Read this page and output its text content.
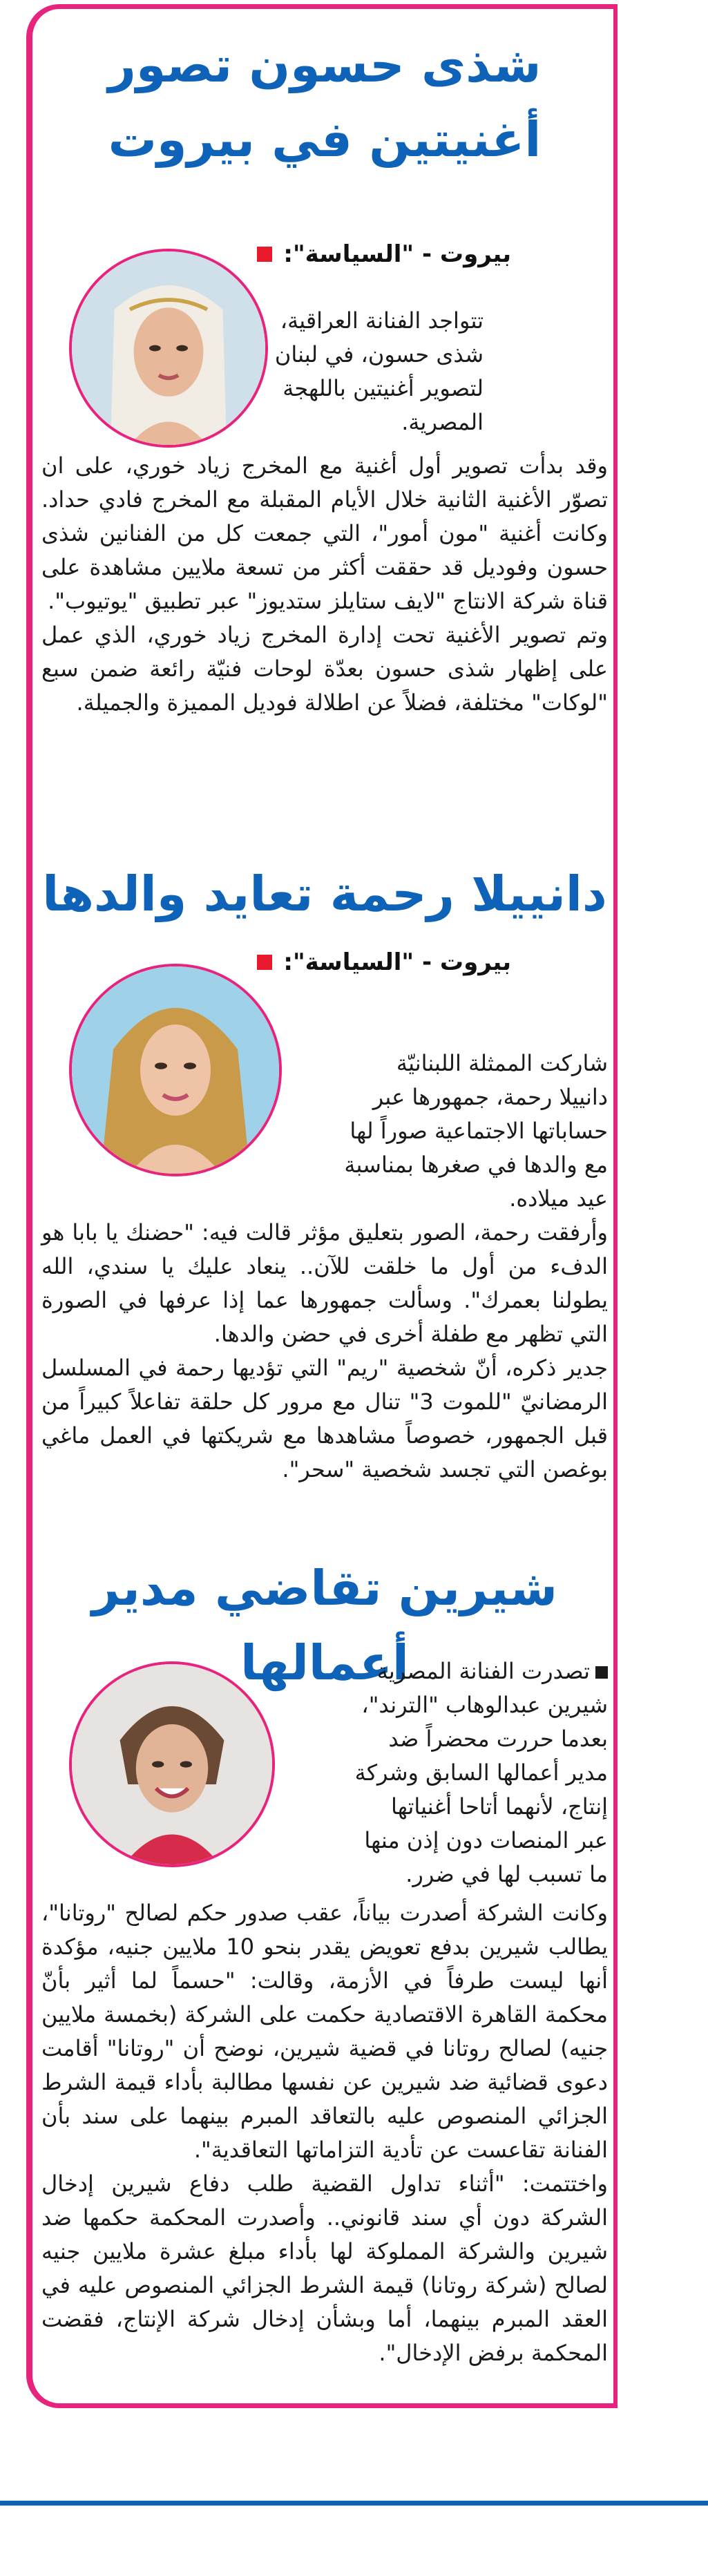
شذى حسون تصور
أغنيتين في بيروت
بيروت - "السياسة":

تتواجد الفنانة العراقية،

شذى حسون، في لبنان

لتصوير أغنيتين باللهجة

المصرية.

وقد بدأت تصوير أول أغنية مع المخرج زياد خوري، على ان تصوّر الأغنية الثانية خلال الأيام المقبلة مع المخرج فادي حداد. وكانت أغنية "مون أمور"، التي جمعت كل من الفنانين شذى حسون وفوديل قد حققت أكثر من تسعة ملايين مشاهدة على قناة شركة الانتاج "لايف ستايلز ستديوز" عبر تطبيق "يوتيوب".

وتم تصوير الأغنية تحت إدارة المخرج زياد خوري، الذي عمل على إظهار شذى حسون بعدّة لوحات فنيّة رائعة ضمن سبع "لوكات" مختلفة، فضلاً عن اطلالة فوديل المميزة والجميلة.

دانييلا رحمة تعايد والدها
بيروت - "السياسة":

شاركت الممثلة اللبنانيّة

دانييلا رحمة، جمهورها عبر

حساباتها الاجتماعية صوراً لها

مع والدها في صغرها بمناسبة

عيد ميلاده.

وأرفقت رحمة، الصور بتعليق مؤثر قالت فيه: "حضنك يا بابا هو الدفء من أول ما خلقت للآن.. ينعاد عليك يا سندي، الله يطولنا بعمرك". وسألت جمهورها عما إذا عرفها في الصورة التي تظهر مع طفلة أخرى في حضن والدها.

جدير ذكره، أنّ شخصية "ريم" التي تؤديها رحمة في المسلسل الرمضانيّ "للموت 3" تنال مع مرور كل حلقة تفاعلاً كبيراً من قبل الجمهور، خصوصاً مشاهدها مع شريكتها في العمل ماغي بوغصن التي تجسد شخصية "سحر".

شيرين تقاضي مدير أعمالها

تصدرت الفنانة المصرية

شيرين عبدالوهاب "الترند"،

بعدما حررت محضراً ضد

مدير أعمالها السابق وشركة

إنتاج، لأنهما أتاحا أغنياتها

عبر المنصات دون إذن منها

ما تسبب لها في ضرر.

وكانت الشركة أصدرت بياناً، عقب صدور حكم لصالح "روتانا"، يطالب شيرين بدفع تعويض يقدر بنحو 10 ملايين جنيه، مؤكدة أنها ليست طرفاً في الأزمة، وقالت: "حسماً لما أثير بأنّ محكمة القاهرة الاقتصادية حكمت على الشركة (بخمسة ملايين جنيه) لصالح روتانا في قضية شيرين، نوضح أن "روتانا" أقامت دعوى قضائية ضد شيرين عن نفسها مطالبة بأداء قيمة الشرط الجزائي المنصوص عليه بالتعاقد المبرم بينهما على سند بأن الفنانة تقاعست عن تأدية التزاماتها التعاقدية".

واختتمت: "أثناء تداول القضية طلب دفاع شيرين إدخال الشركة دون أي سند قانوني.. وأصدرت المحكمة حكمها ضد شيرين والشركة المملوكة لها بأداء مبلغ عشرة ملايين جنيه لصالح (شركة روتانا) قيمة الشرط الجزائي المنصوص عليه في العقد المبرم بينهما، أما وبشأن إدخال شركة الإنتاج، فقضت المحكمة برفض الإدخال".
